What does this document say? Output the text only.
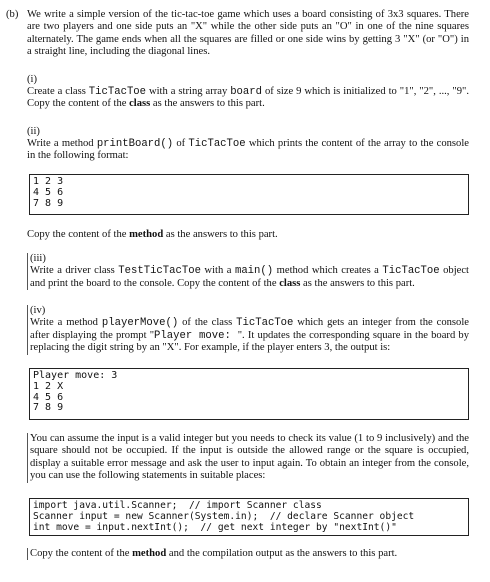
(b) We write a simple version of the tic-tac-toe game which uses a board consisting of 3x3 squares. There are two players and one side puts an "X" while the other side puts an "O" in one of the nine squares alternately. The game ends when all the squares are filled or one side wins by getting 3 "X" (or "O") in a straight line, including the diagonal lines.
(i)
Create a class TicTacToe with a string array board of size 9 which is initialized to "1", "2", ..., "9". Copy the content of the class as the answers to this part.
(ii)
Write a method printBoard() of TicTacToe which prints the content of the array to the console in the following format:
1 2 3
4 5 6
7 8 9
Copy the content of the method as the answers to this part.
(iii)

Write a driver class TestTicTacToe with a main() method which creates a TicTacToe object and print the board to the console. Copy the content of the class as the answers to this part.

(iv)

Write a method playerMove() of the class TicTacToe which gets an integer from the console after displaying the prompt "Player move: ". It updates the corresponding square in the board by replacing the digit string by an "X". For example, if the player enters 3, the output is:

Player move: 3
1 2 X
4 5 6
7 8 9
You can assume the input is a valid integer but you needs to check its value (1 to 9 inclusively) and the square should not be occupied. If the input is outside the allowed range or the square is occupied, display a suitable error message and ask the user to input again. To obtain an integer from the console, you can use the following statements in suitable places:
import java.util.Scanner;  // import Scanner class
Scanner input = new Scanner(System.in);  // declare Scanner object
int move = input.nextInt();  // get next integer by "nextInt()"
Copy the content of the method and the compilation output as the answers to this part.
